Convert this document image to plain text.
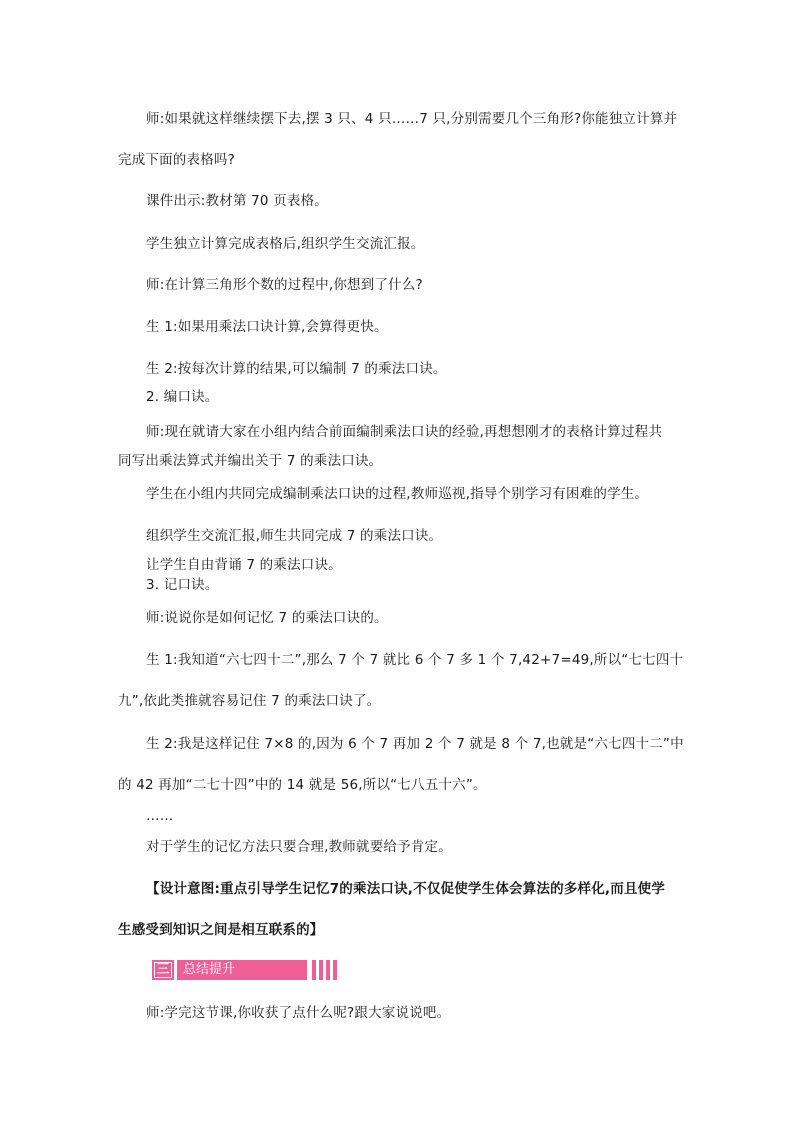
师:如果就这样继续摆下去,摆 3 只、4 只……7 只,分别需要几个三角形?你能独立计算并
完成下面的表格吗?
课件出示:教材第 70 页表格。
学生独立计算完成表格后,组织学生交流汇报。
师:在计算三角形个数的过程中,你想到了什么?
生 1:如果用乘法口诀计算,会算得更快。
生 2:按每次计算的结果,可以编制 7 的乘法口诀。
2. 编口诀。
师:现在就请大家在小组内结合前面编制乘法口诀的经验,再想想刚才的表格计算过程共
同写出乘法算式并编出关于 7 的乘法口诀。
学生在小组内共同完成编制乘法口诀的过程,教师巡视,指导个别学习有困难的学生。
组织学生交流汇报,师生共同完成 7 的乘法口诀。
让学生自由背诵 7 的乘法口诀。
3. 记口诀。
师:说说你是如何记忆 7 的乘法口诀的。
生 1:我知道“六七四十二”,那么 7 个 7 就比 6 个 7 多 1 个 7,42+7=49,所以“七七四十
九”,依此类推就容易记住 7 的乘法口诀了。
生 2:我是这样记住 7×8 的,因为 6 个 7 再加 2 个 7 就是 8 个 7,也就是“六七四十二”中
的 42 再加“二七十四”中的 14 就是 56,所以“七八五十六”。
……
对于学生的记忆方法只要合理,教师就要给予肯定。
【设计意图:重点引导学生记忆7的乘法口诀,不仅促使学生体会算法的多样化,而且使学
生感受到知识之间是相互联系的】
三	总结提升
师:学完这节课,你收获了点什么呢?跟大家说说吧。
